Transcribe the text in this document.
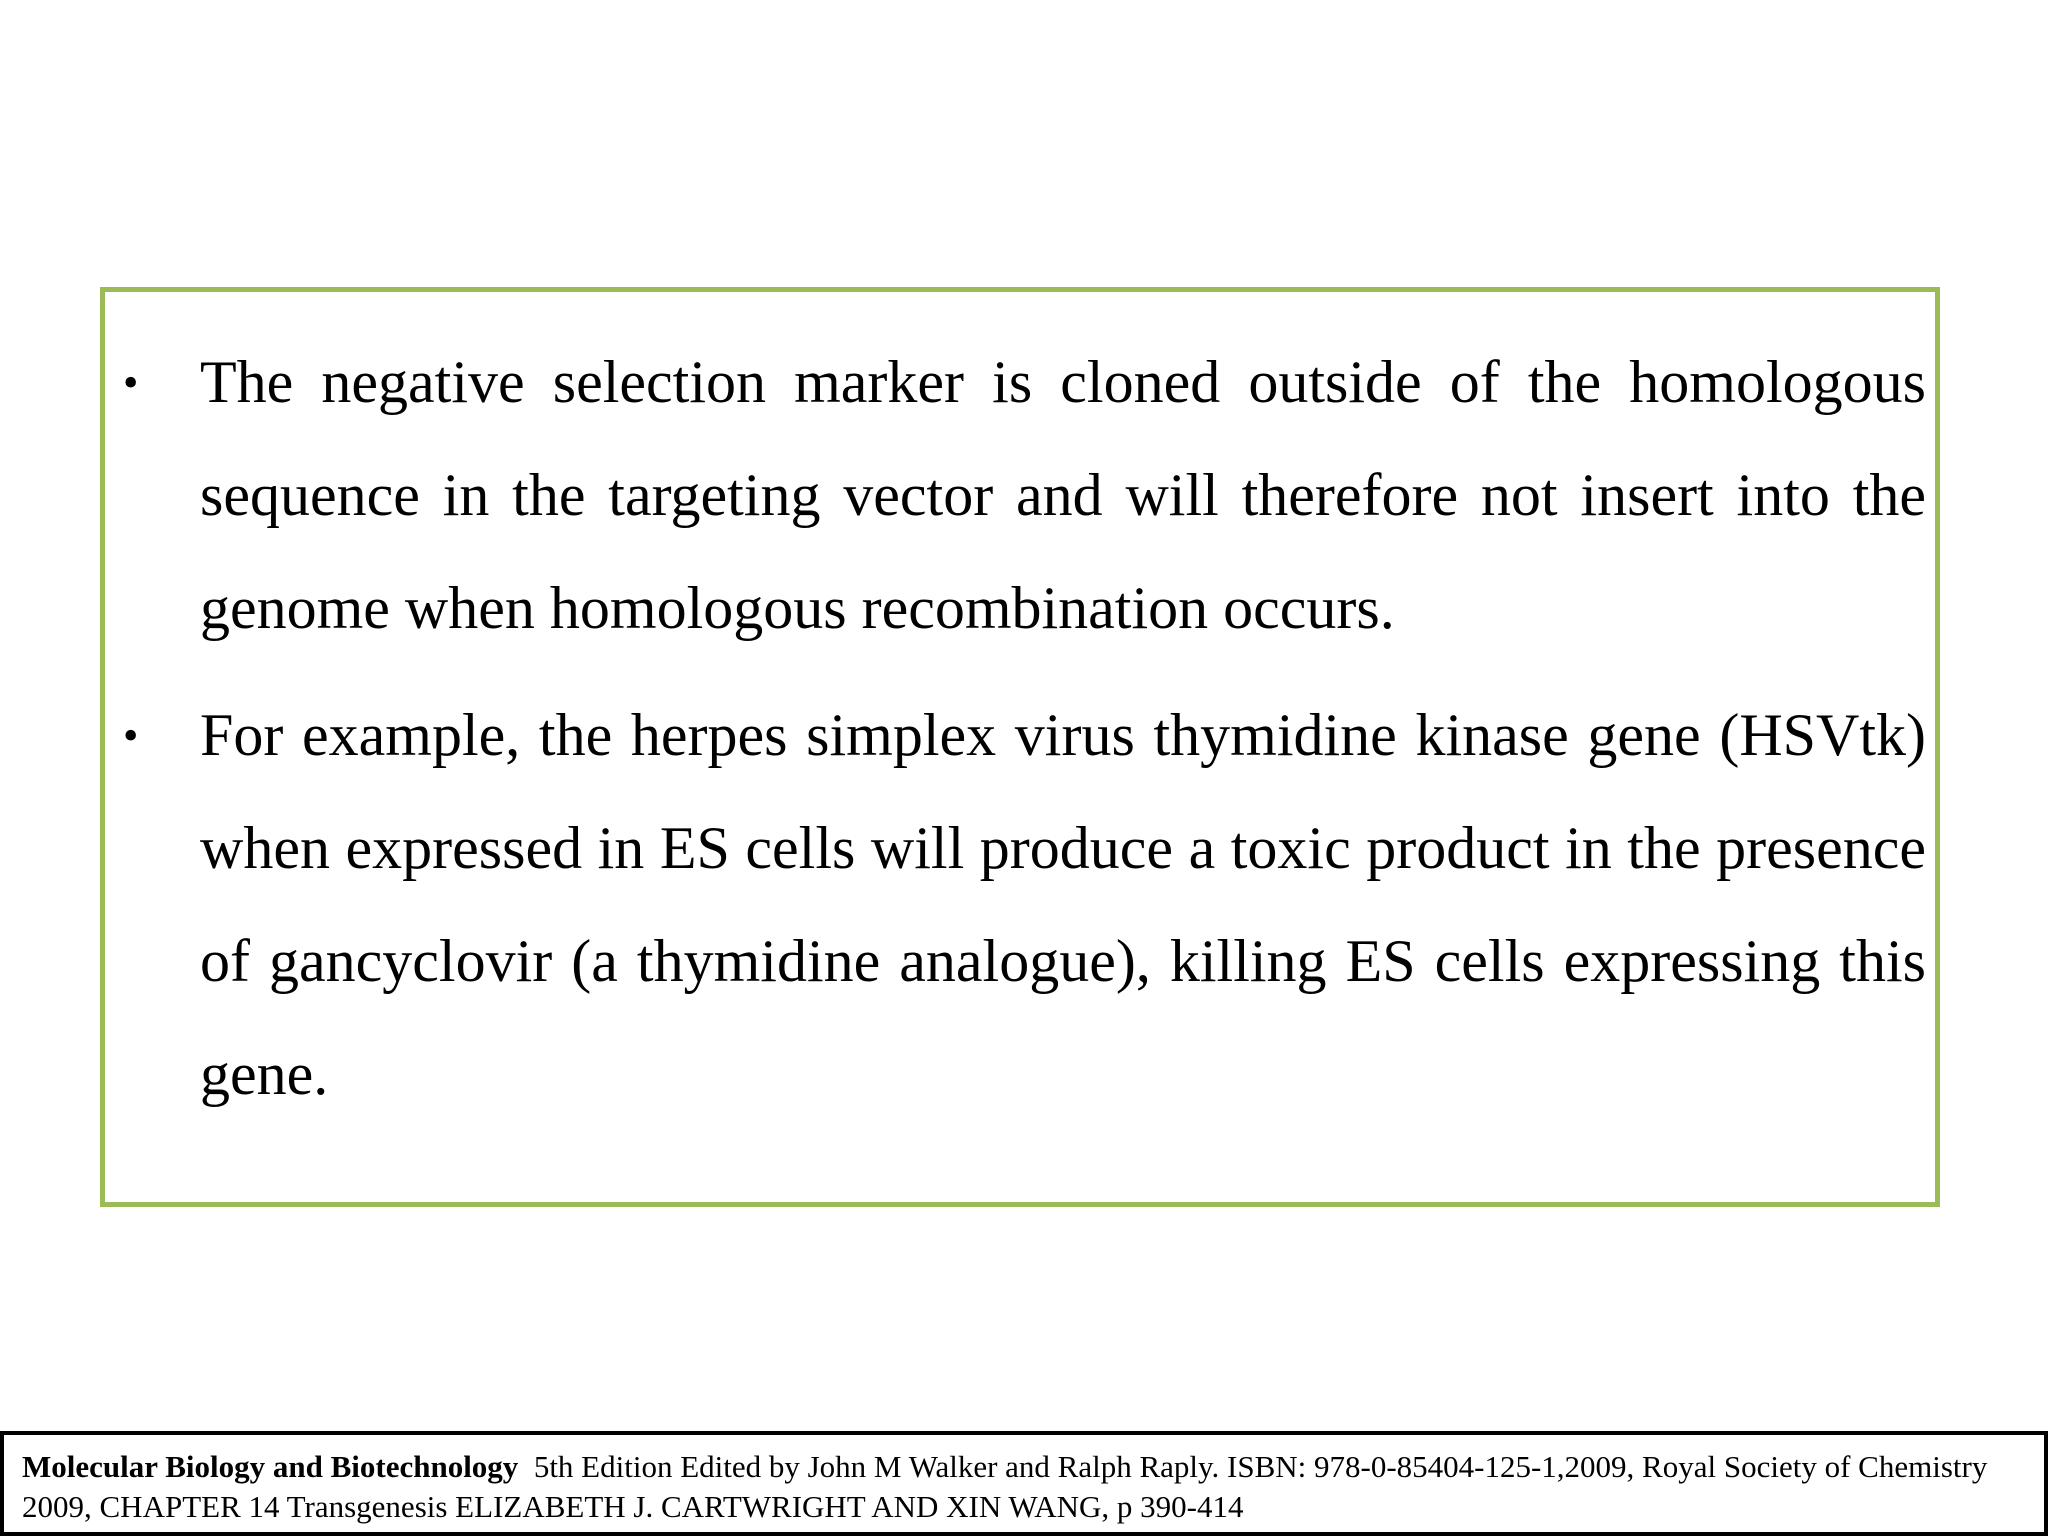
• The negative selection marker is cloned outside of the homologous sequence in the targeting vector and will therefore not insert into the genome when homologous recombination occurs.
• For example, the herpes simplex virus thymidine kinase gene (HSVtk) when expressed in ES cells will produce a toxic product in the presence of gancyclovir (a thymidine analogue), killing ES cells expressing this gene.
Molecular Biology and Biotechnology  5th Edition Edited by John M Walker and Ralph Raply. ISBN: 978-0-85404-125-1,2009, Royal Society of Chemistry 2009, CHAPTER 14 Transgenesis ELIZABETH J. CARTWRIGHT AND XIN WANG, p 390-414
